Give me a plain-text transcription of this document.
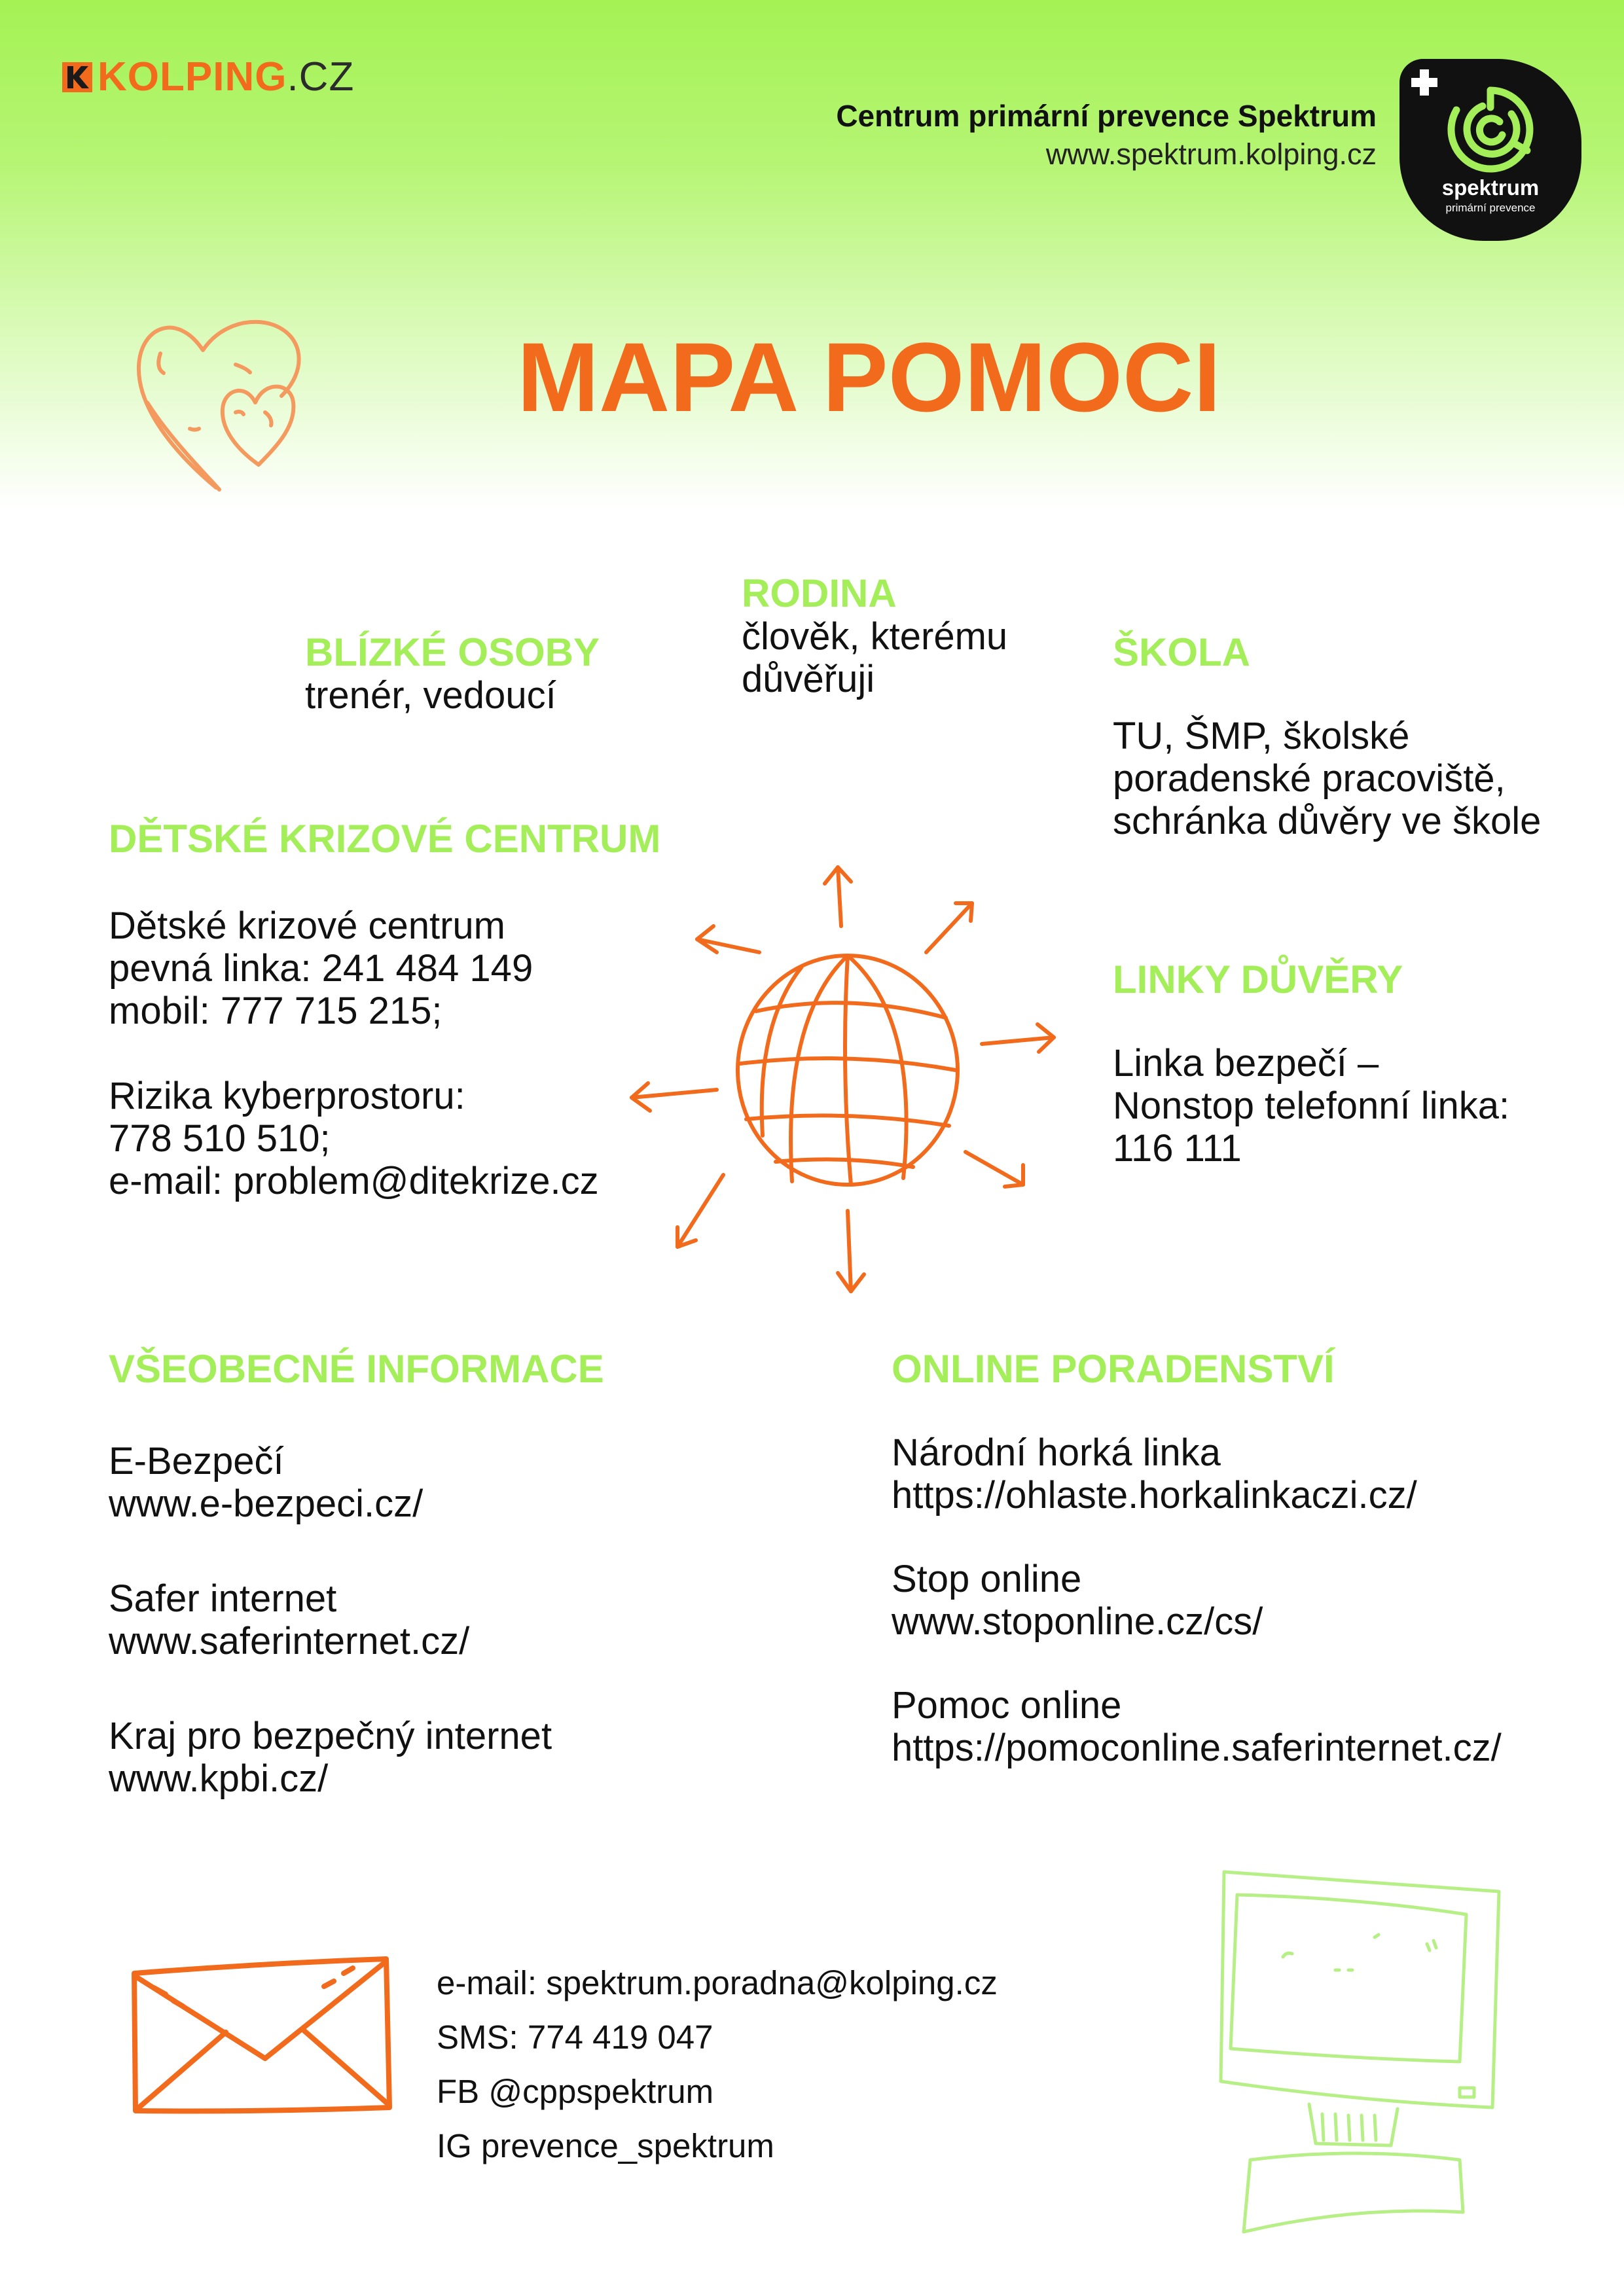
KOLPING .CZ
Centrum primární prevence Spektrum
www.spektrum.kolping.cz
spektrum
primární prevence
MAPA POMOCI
RODINA
člověk, kterému
důvěřuji
BLÍZKÉ OSOBY
trenér, vedoucí
ŠKOLA
TU, ŠMP, školské
poradenské pracoviště,
schránka důvěry ve škole
DĚTSKÉ KRIZOVÉ CENTRUM
Dětské krizové centrum
pevná linka: 241 484 149
mobil: 777 715 215;
Rizika kyberprostoru:
778 510 510;
e-mail: problem@ditekrize.cz
LINKY DŮVĚRY
Linka bezpečí –
Nonstop telefonní linka:
116 111
VŠEOBECNÉ INFORMACE
E-Bezpečí
www.e-bezpeci.cz/
Safer internet
www.saferinternet.cz/
Kraj pro bezpečný internet
www.kpbi.cz/
ONLINE PORADENSTVÍ
Národní horká linka
https://ohlaste.horkalinkaczi.cz/
Stop online
www.stoponline.cz/cs/
Pomoc online
https://pomoconline.saferinternet.cz/
e-mail: spektrum.poradna@kolping.cz
SMS: 774 419 047
FB @cppspektrum
IG prevence_spektrum
